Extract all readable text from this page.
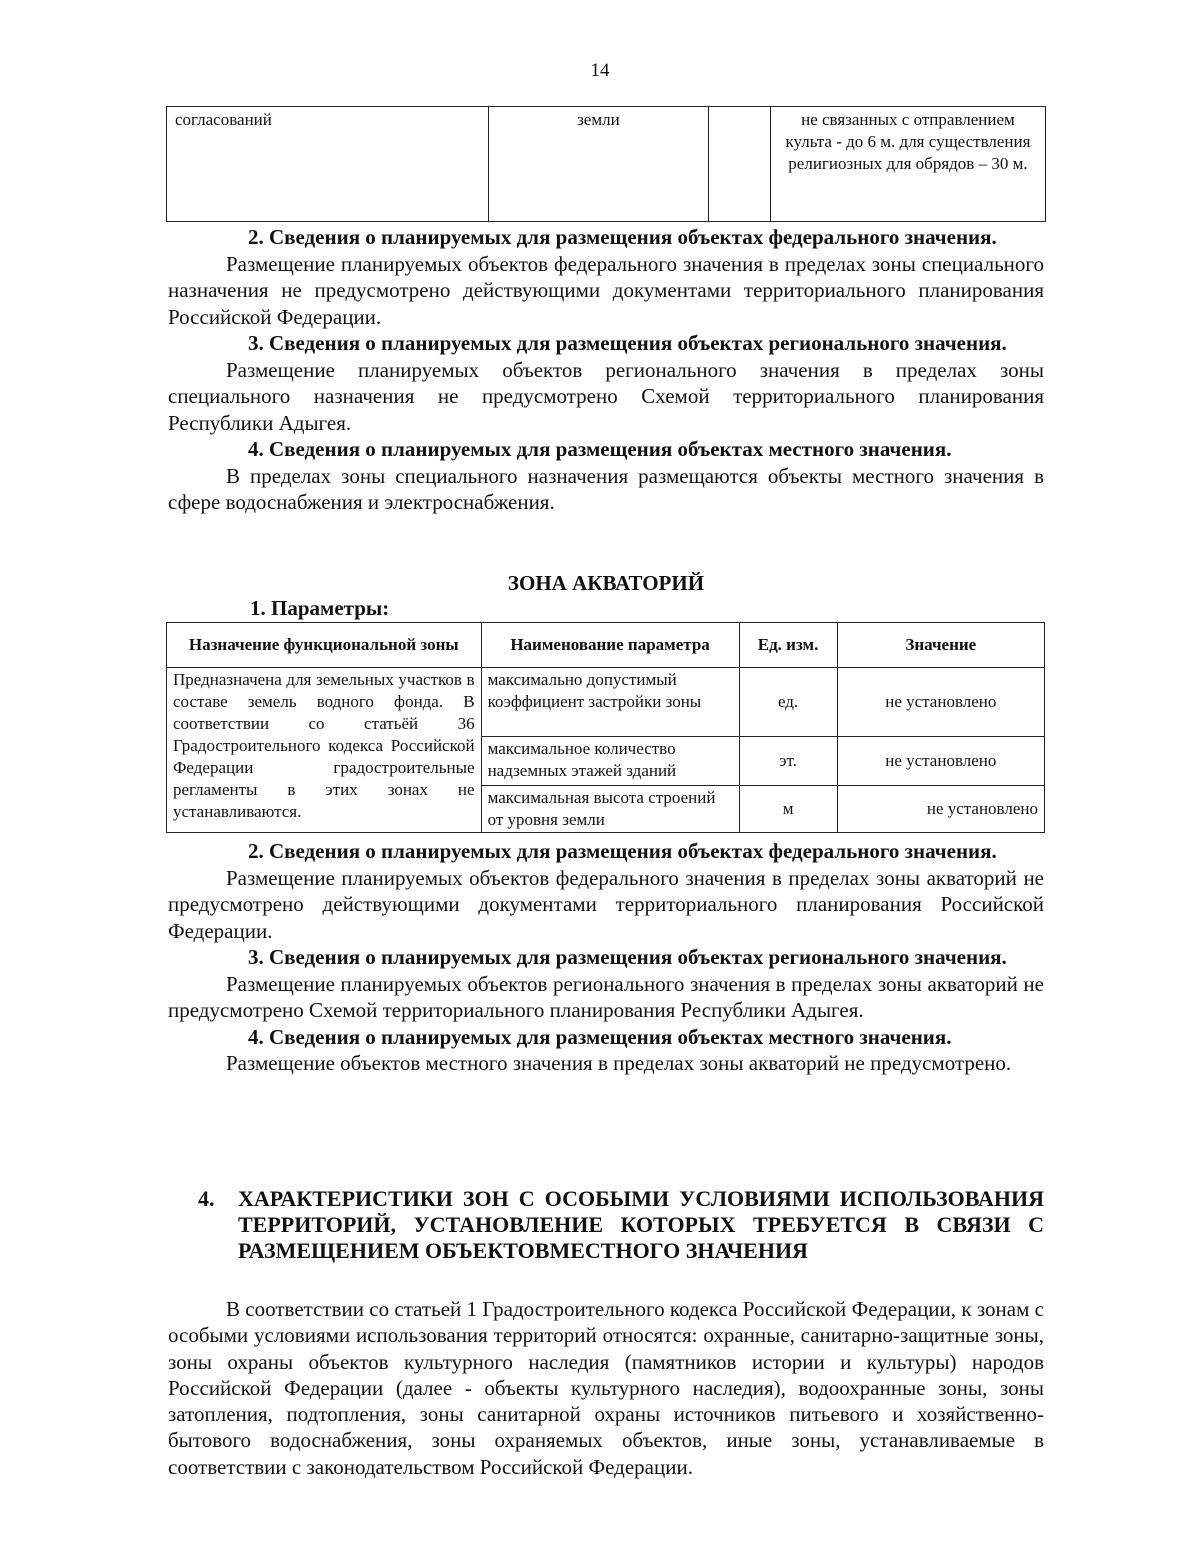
14
согласований	земли		не связанных с отправлением культа - до 6 м. для существления религиозных для обрядов – 30 м.
2. Сведения о планируемых для размещения объектах федерального значения.
Размещение планируемых объектов федерального значения в пределах зоны специального назначения не предусмотрено действующими документами территориального планирования Российской Федерации.
3. Сведения о планируемых для размещения объектах регионального значения.
Размещение планируемых объектов регионального значения в пределах зоны специального назначения не предусмотрено Схемой территориального планирования Республики Адыгея.
4. Сведения о планируемых для размещения объектах местного значения.
В пределах зоны специального назначения размещаются объекты местного значения в сфере водоснабжения и электроснабжения.
ЗОНА АКВАТОРИЙ
1. Параметры:
Назначение функциональной зоны	Наименование параметра	Ед. изм.	Значение
Предназначена для земельных участков в составе земель водного фонда. В соответствии со статьёй 36 Градостроительного кодекса Российской Федерации градостроительные регламенты в этих зонах не устанавливаются.	максимально допустимый коэффициент застройки зоны	ед.	не установлено
	максимальное количество надземных этажей зданий	эт.	не установлено
	максимальная высота строений от уровня земли	м	не установлено
2. Сведения о планируемых для размещения объектах федерального значения.
Размещение планируемых объектов федерального значения в пределах зоны акваторий не предусмотрено действующими документами территориального планирования Российской Федерации.
3. Сведения о планируемых для размещения объектах регионального значения.
Размещение планируемых объектов регионального значения в пределах зоны акваторий не предусмотрено Схемой территориального планирования Республики Адыгея.
4. Сведения о планируемых для размещения объектах местного значения.
Размещение объектов местного значения в пределах зоны акваторий не предусмотрено.
4. ХАРАКТЕРИСТИКИ ЗОН С ОСОБЫМИ УСЛОВИЯМИ ИСПОЛЬЗОВАНИЯ ТЕРРИТОРИЙ, УСТАНОВЛЕНИЕ КОТОРЫХ ТРЕБУЕТСЯ В СВЯЗИ С РАЗМЕЩЕНИЕМ ОБЪЕКТОВМЕСТНОГО ЗНАЧЕНИЯ
В соответствии со статьей 1 Градостроительного кодекса Российской Федерации, к зонам с особыми условиями использования территорий относятся: охранные, санитарно-защитные зоны, зоны охраны объектов культурного наследия (памятников истории и культуры) народов Российской Федерации (далее - объекты культурного наследия), водоохранные зоны, зоны затопления, подтопления, зоны санитарной охраны источников питьевого и хозяйственно-бытового водоснабжения, зоны охраняемых объектов, иные зоны, устанавливаемые в соответствии с законодательством Российской Федерации.
